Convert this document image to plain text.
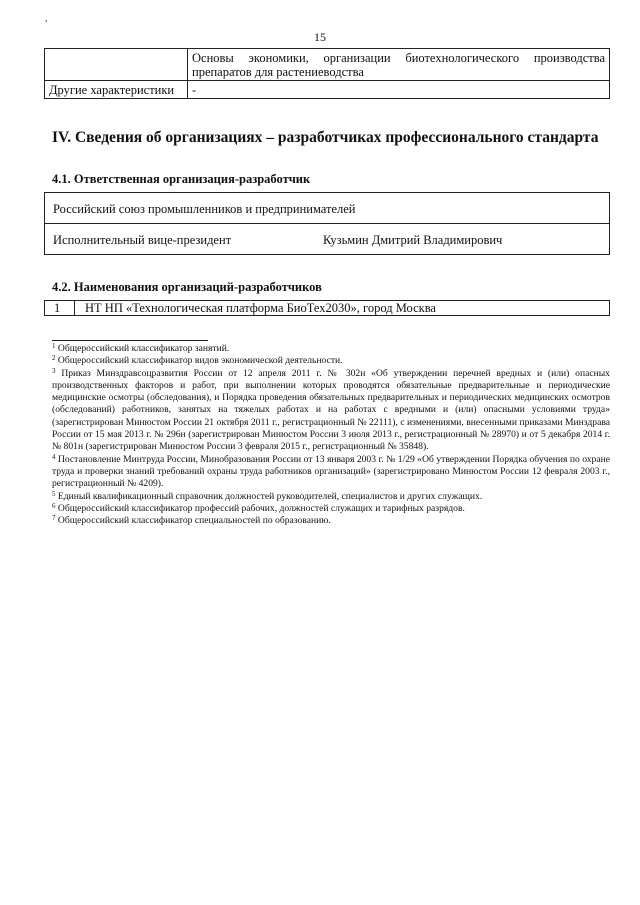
,
15
	Основы экономики, организации биотехнологического производства препаратов для растениеводства
Другие характеристики	-
IV. Сведения об организациях – разработчиках профессионального стандарта
4.1. Ответственная организация-разработчик
Российский союз промышленников и предпринимателей
Исполнительный вице-президент	Кузьмин Дмитрий Владимирович
4.2. Наименования организаций-разработчиков
1	НТ НП «Технологическая платформа БиоТех2030», город Москва
$^1$ Общероссийский классификатор занятий.
$^2$ Общероссийский классификатор видов экономической деятельности.
$^3$ Приказ Минздравсоцразвития России от 12 апреля 2011 г. № 302н «Об утверждении перечней вредных и (или) опасных производственных факторов и работ, при выполнении которых проводятся обязательные предварительные и периодические медицинские осмотры (обследования), и Порядка проведения обязательных предварительных и периодических медицинских осмотров (обследований) работников, занятых на тяжелых работах и на работах с вредными и (или) опасными условиями труда» (зарегистрирован Минюстом России 21 октября 2011 г., регистрационный № 22111), с изменениями, внесенными приказами Минздрава России от 15 мая 2013 г. № 296н (зарегистрирован Минюстом России 3 июля 2013 г., регистрационный № 28970) и от 5 декабря 2014 г. № 801н (зарегистрирован Минюстом России 3 февраля 2015 г., регистрационный № 35848).
$^4$ Постановление Минтруда России, Минобразования России от 13 января 2003 г. № 1/29 «Об утверждении Порядка обучения по охране труда и проверки знаний требований охраны труда работников организаций» (зарегистрировано Минюстом России 12 февраля 2003 г., регистрационный № 4209).
$^5$ Единый квалификационный справочник должностей руководителей, специалистов и других служащих.
$^6$ Общероссийский классификатор профессий рабочих, должностей служащих и тарифных разрядов.
$^7$ Общероссийский классификатор специальностей по образованию.
